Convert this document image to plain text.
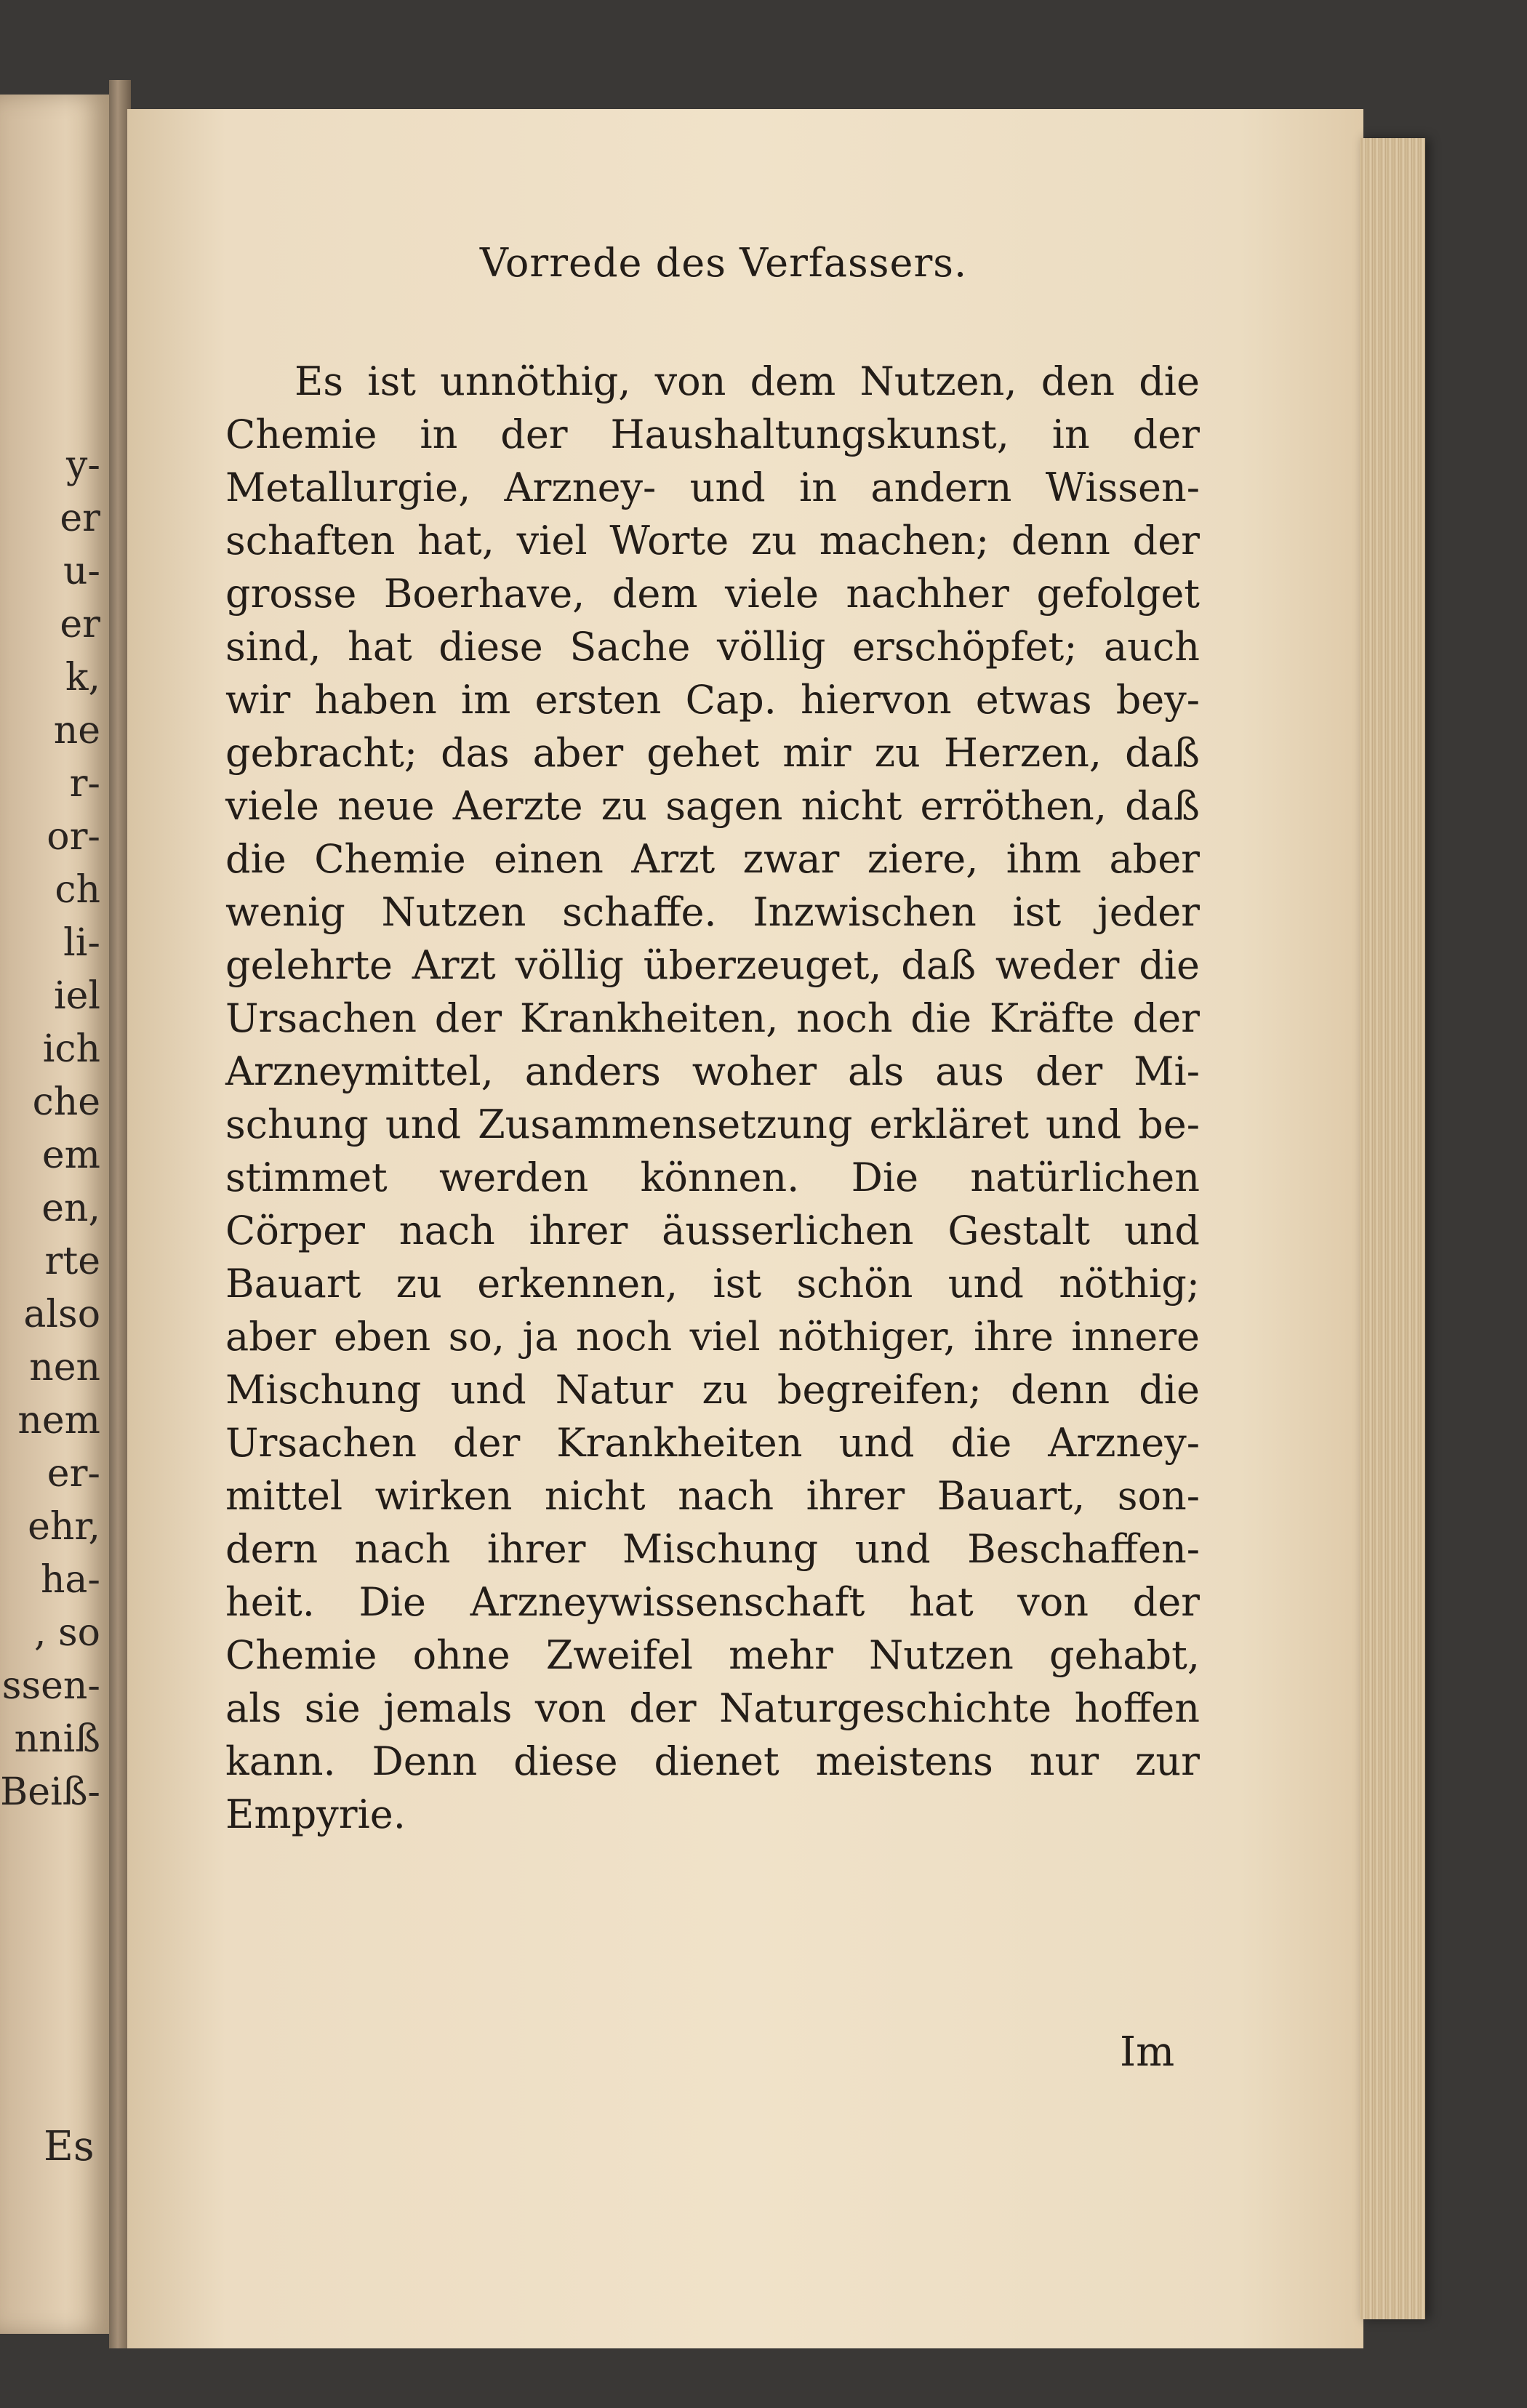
y-
er
u-
er
k,
ne
r-
or-
ch
li-
iel
ich
che
em
en,
rte
also
nen
nem
er-
ehr,
ha-
, so
ssen-
nniß
Beiß-
Es
Vorrede des Verfassers.
Es ist unnöthig, von dem Nutzen, den die
Chemie in der Haushaltungskunst, in der
Metallurgie, Arzney- und in andern Wissen-
schaften hat, viel Worte zu machen; denn der
grosse Boerhave, dem viele nachher gefolget
sind, hat diese Sache völlig erschöpfet; auch
wir haben im ersten Cap. hiervon etwas bey-
gebracht; das aber gehet mir zu Herzen, daß
viele neue Aerzte zu sagen nicht erröthen, daß
die Chemie einen Arzt zwar ziere, ihm aber
wenig Nutzen schaffe. Inzwischen ist jeder
gelehrte Arzt völlig überzeuget, daß weder die
Ursachen der Krankheiten, noch die Kräfte der
Arzneymittel, anders woher als aus der Mi-
schung und Zusammensetzung erkläret und be-
stimmet werden können. Die natürlichen
Cörper nach ihrer äusserlichen Gestalt und
Bauart zu erkennen, ist schön und nöthig;
aber eben so, ja noch viel nöthiger, ihre innere
Mischung und Natur zu begreifen; denn die
Ursachen der Krankheiten und die Arzney-
mittel wirken nicht nach ihrer Bauart, son-
dern nach ihrer Mischung und Beschaffen-
heit. Die Arzneywissenschaft hat von der
Chemie ohne Zweifel mehr Nutzen gehabt,
als sie jemals von der Naturgeschichte hoffen
kann. Denn diese dienet meistens nur zur
Empyrie.
Im
